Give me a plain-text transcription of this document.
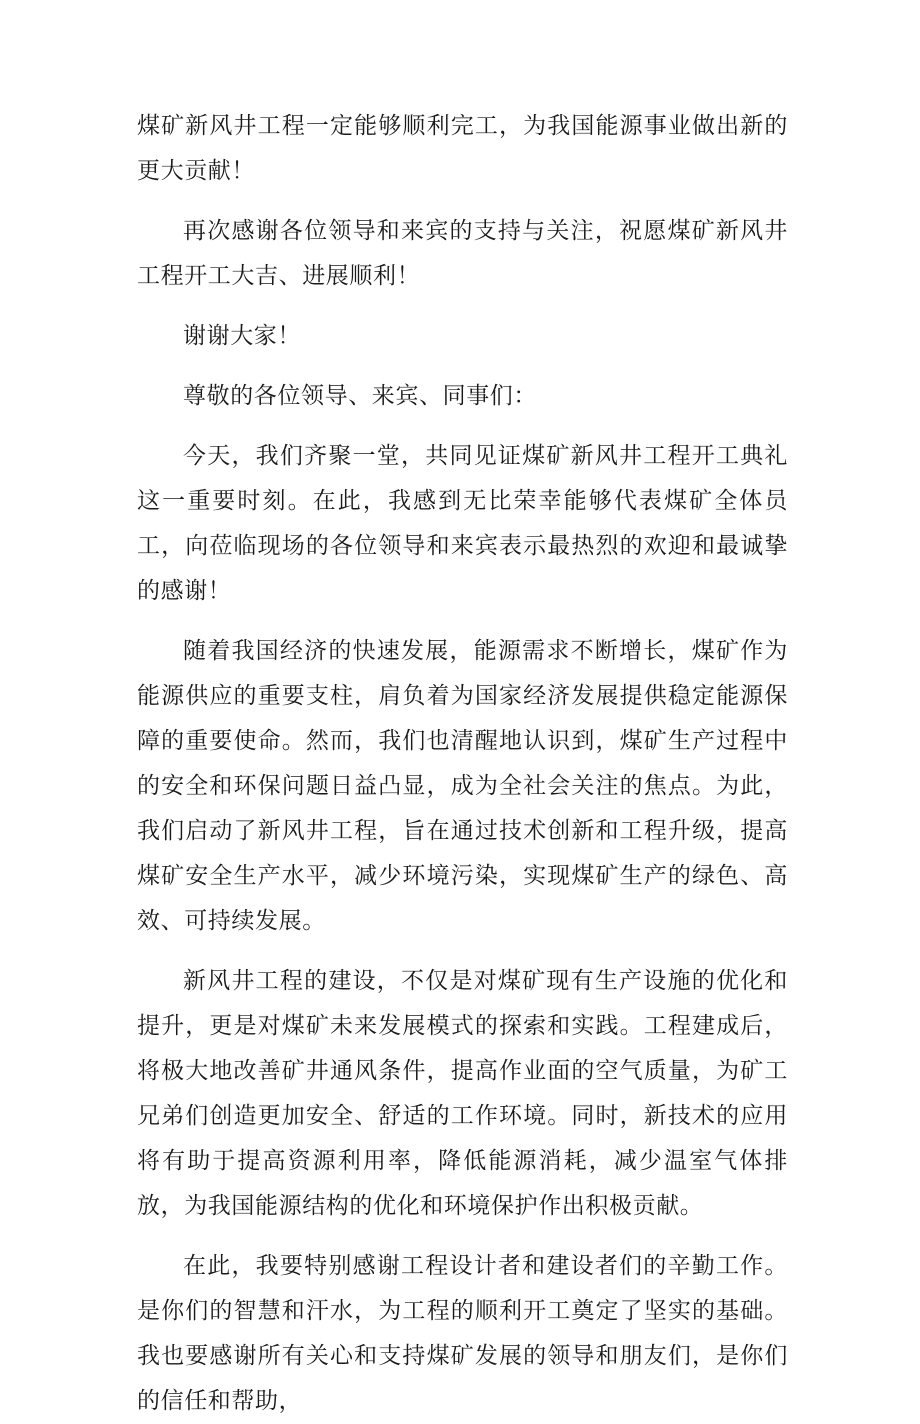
煤矿新风井工程一定能够顺利完工，为我国能源事业做出新的更大贡献！

再次感谢各位领导和来宾的支持与关注，祝愿煤矿新风井工程开工大吉、进展顺利！

谢谢大家！

尊敬的各位领导、来宾、同事们：

今天，我们齐聚一堂，共同见证煤矿新风井工程开工典礼这一重要时刻。在此，我感到无比荣幸能够代表煤矿全体员工，向莅临现场的各位领导和来宾表示最热烈的欢迎和最诚挚的感谢！

随着我国经济的快速发展，能源需求不断增长，煤矿作为能源供应的重要支柱，肩负着为国家经济发展提供稳定能源保障的重要使命。然而，我们也清醒地认识到，煤矿生产过程中的安全和环保问题日益凸显，成为全社会关注的焦点。为此，我们启动了新风井工程，旨在通过技术创新和工程升级，提高煤矿安全生产水平，减少环境污染，实现煤矿生产的绿色、高效、可持续发展。

新风井工程的建设，不仅是对煤矿现有生产设施的优化和提升，更是对煤矿未来发展模式的探索和实践。工程建成后，将极大地改善矿井通风条件，提高作业面的空气质量，为矿工兄弟们创造更加安全、舒适的工作环境。同时，新技术的应用将有助于提高资源利用率，降低能源消耗，减少温室气体排放，为我国能源结构的优化和环境保护作出积极贡献。

在此，我要特别感谢工程设计者和建设者们的辛勤工作。是你们的智慧和汗水，为工程的顺利开工奠定了坚实的基础。我也要感谢所有关心和支持煤矿发展的领导和朋友们，是你们的信任和帮助，
